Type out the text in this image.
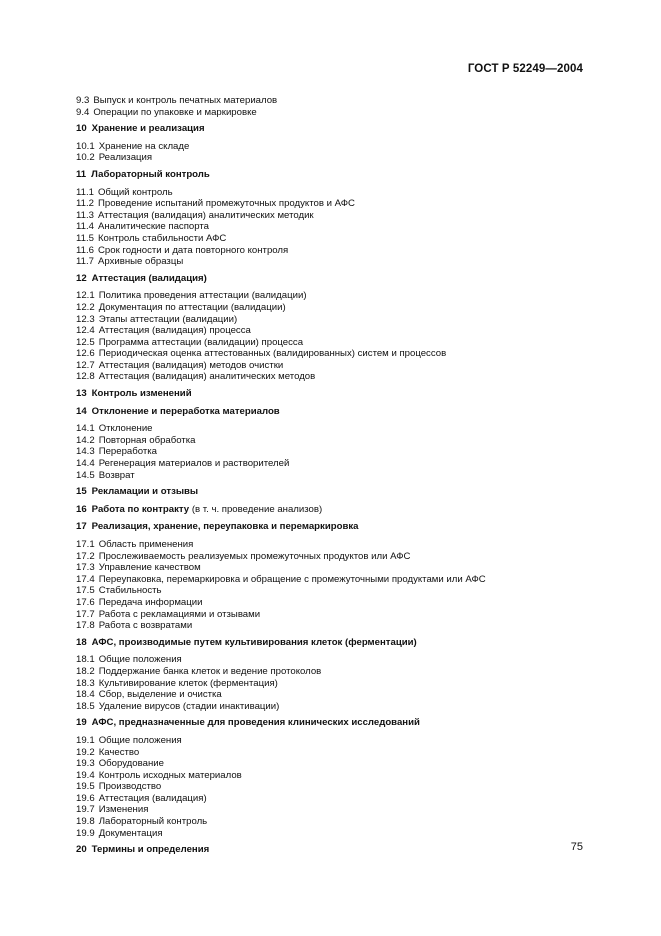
ГОСТ Р 52249—2004
9.3 Выпуск и контроль печатных материалов
9.4 Операции по упаковке и маркировке
10 Хранение и реализация
10.1 Хранение на складе
10.2 Реализация
11 Лабораторный контроль
11.1 Общий контроль
11.2 Проведение испытаний промежуточных продуктов и АФС
11.3 Аттестация (валидация) аналитических методик
11.4 Аналитические паспорта
11.5 Контроль стабильности АФС
11.6 Срок годности и дата повторного контроля
11.7 Архивные образцы
12 Аттестация (валидация)
12.1 Политика проведения аттестации (валидации)
12.2 Документация по аттестации (валидации)
12.3 Этапы аттестации (валидации)
12.4 Аттестация (валидация) процесса
12.5 Программа аттестации (валидации) процесса
12.6 Периодическая оценка аттестованных (валидированных) систем и процессов
12.7 Аттестация (валидация) методов очистки
12.8 Аттестация (валидация) аналитических методов
13 Контроль изменений
14 Отклонение и переработка материалов
14.1 Отклонение
14.2 Повторная обработка
14.3 Переработка
14.4 Регенерация материалов и растворителей
14.5 Возврат
15 Рекламации и отзывы
16 Работа по контракту (в т. ч. проведение анализов)
17 Реализация, хранение, переупаковка и перемаркировка
17.1 Область применения
17.2 Прослеживаемость реализуемых промежуточных продуктов или АФС
17.3 Управление качеством
17.4 Переупаковка, перемаркировка и обращение с промежуточными продуктами или АФС
17.5 Стабильность
17.6 Передача информации
17.7 Работа с рекламациями и отзывами
17.8 Работа с возвратами
18 АФС, производимые путем культивирования клеток (ферментации)
18.1 Общие положения
18.2 Поддержание банка клеток и ведение протоколов
18.3 Культивирование клеток (ферментация)
18.4 Сбор, выделение и очистка
18.5 Удаление вирусов (стадии инактивации)
19 АФС, предназначенные для проведения клинических исследований
19.1 Общие положения
19.2 Качество
19.3 Оборудование
19.4 Контроль исходных материалов
19.5 Производство
19.6 Аттестация (валидация)
19.7 Изменения
19.8 Лабораторный контроль
19.9 Документация
20 Термины и определения	75
